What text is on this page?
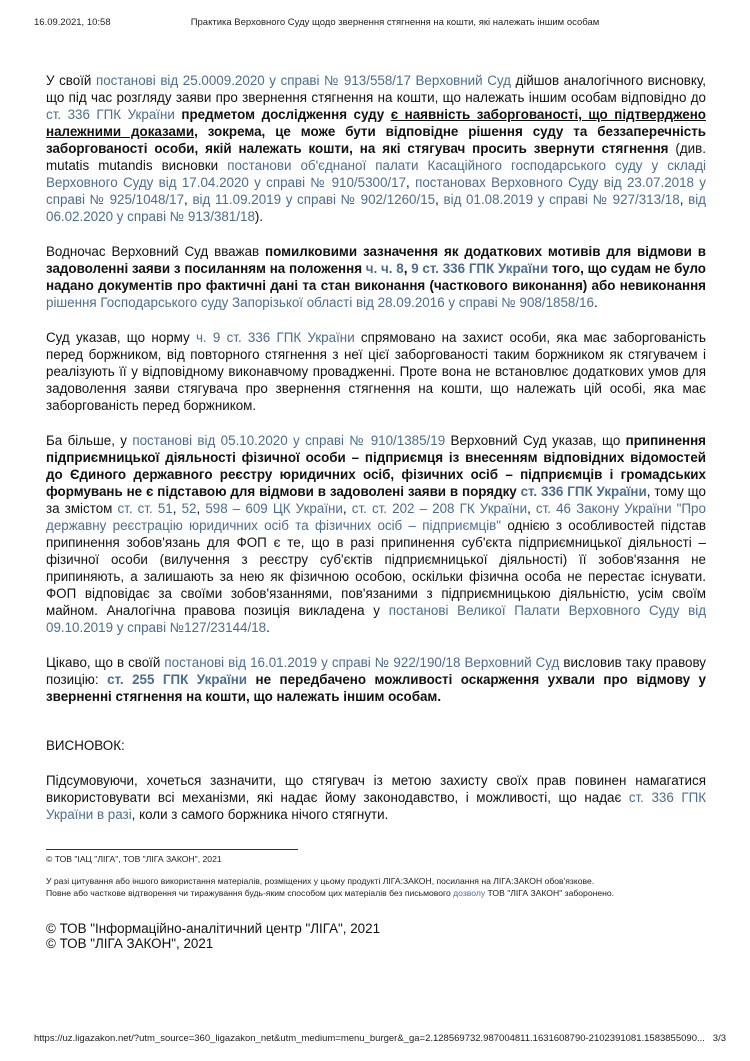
16.09.2021, 10:58	Практика Верховного Суду щодо звернення стягнення на кошти, які належать іншим особам

У своїй постанові від 25.0009.2020 у справі № 913/558/17 Верховний Суд дійшов аналогічного висновку, що під час розгляду заяви про звернення стягнення на кошти, що належать іншим особам відповідно до ст. 336 ГПК України предметом дослідження суду є наявність заборгованості, що підтверджено належними доказами, зокрема, це може бути відповідне рішення суду та беззаперечність заборгованості особи, якій належать кошти, на які стягувач просить звернути стягнення (див. mutatis mutandis висновки постанови об'єднаної палати Касаційного господарського суду у складі Верховного Суду від 17.04.2020 у справі № 910/5300/17, постановах Верховного Суду від 23.07.2018 у справі № 925/1048/17, від 11.09.2019 у справі № 902/1260/15, від 01.08.2019 у справі № 927/313/18, від 06.02.2020 у справі № 913/381/18).

Водночас Верховний Суд вважав помилковими зазначення як додаткових мотивів для відмови в задоволенні заяви з посиланням на положення ч. ч. 8, 9 ст. 336 ГПК України того, що судам не було надано документів про фактичні дані та стан виконання (часткового виконання) або невиконання рішення Господарського суду Запорізької області від 28.09.2016 у справі № 908/1858/16.

Суд указав, що норму ч. 9 ст. 336 ГПК України спрямовано на захист особи, яка має заборгованість перед боржником, від повторного стягнення з неї цієї заборгованості таким боржником як стягувачем і реалізують її у відповідному виконавчому провадженні. Проте вона не встановлює додаткових умов для задоволення заяви стягувача про звернення стягнення на кошти, що належать цій особі, яка має заборгованість перед боржником.

Ба більше, у постанові від 05.10.2020 у справі № 910/1385/19 Верховний Суд указав, що припинення підприємницької діяльності фізичної особи – підприємця із внесенням відповідних відомостей до Єдиного державного реєстру юридичних осіб, фізичних осіб – підприємців і громадських формувань не є підставою для відмови в задоволені заяви в порядку ст. 336 ГПК України, тому що за змістом ст. ст. 51, 52, 598 – 609 ЦК України, ст. ст. 202 – 208 ГК України, ст. 46 Закону України "Про державну реєстрацію юридичних осіб та фізичних осіб – підприємців" однією з особливостей підстав припинення зобов'язань для ФОП є те, що в разі припинення суб'єкта підприємницької діяльності – фізичної особи (вилучення з реєстру суб'єктів підприємницької діяльності) її зобов'язання не припиняють, а залишають за нею як фізичною особою, оскільки фізична особа не перестає існувати. ФОП відповідає за своїми зобов'язаннями, пов'язаними з підприємницькою діяльністю, усім своїм майном. Аналогічна правова позиція викладена у постанові Великої Палати Верховного Суду від 09.10.2019 у справі №127/23144/18.

Цікаво, що в своїй постанові від 16.01.2019 у справі № 922/190/18 Верховний Суд висловив таку правову позицію: ст. 255 ГПК України не передбачено можливості оскарження ухвали про відмову у зверненні стягнення на кошти, що належать іншим особам.

ВИСНОВОК:

Підсумовуючи, хочеться зазначити, що стягувач із метою захисту своїх прав повинен намагатися використовувати всі механізми, які надає йому законодавство, і можливості, що надає ст. 336 ГПК України в разі, коли з самого боржника нічого стягнути.

© ТОВ "ІАЦ "ЛІГА", ТОВ "ЛІГА ЗАКОН", 2021

У разі цитування або іншого використання матеріалів, розміщених у цьому продукті ЛІГА:ЗАКОН, посилання на ЛІГА:ЗАКОН обов'язкове.

Повне або часткове відтворення чи тиражування будь-яким способом цих матеріалів без письмового дозволу ТОВ "ЛІГА ЗАКОН" заборонено.

© ТОВ "Інформаційно-аналітичний центр "ЛІГА", 2021

© ТОВ "ЛІГА ЗАКОН", 2021

https://uz.ligazakon.net/?utm_source=360_ligazakon_net&utm_medium=menu_burger&_ga=2.128569732.987004811.1631608790-2102391081.1583855090... 3/3
